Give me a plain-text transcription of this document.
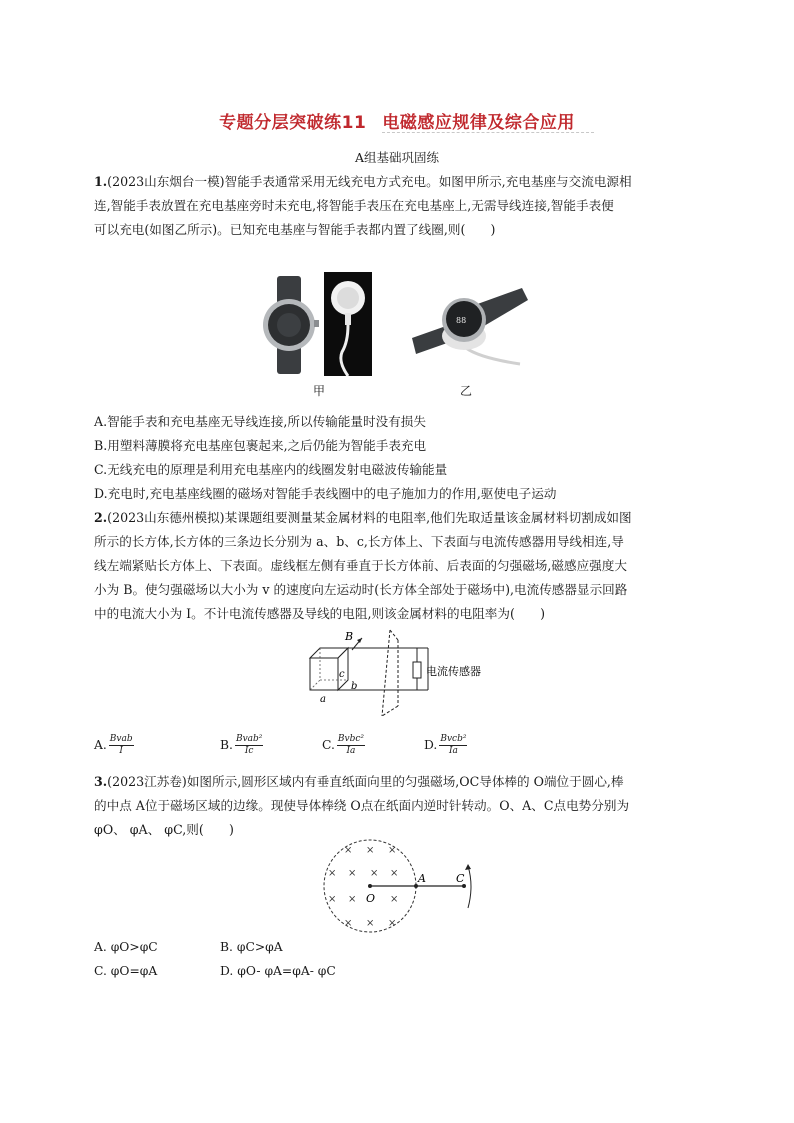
专题分层突破练11 电磁感应规律及综合应用
A组基础巩固练
1.(2023山东烟台一模)智能手表通常采用无线充电方式充电。如图甲所示,充电基座与交流电源相
连,智能手表放置在充电基座旁时未充电,将智能手表压在充电基座上,无需导线连接,智能手表便
可以充电(如图乙所示)。已知充电基座与智能手表都内置了线圈,则(　　)
88
甲	乙
A.智能手表和充电基座无导线连接,所以传输能量时没有损失
B.用塑料薄膜将充电基座包裹起来,之后仍能为智能手表充电
C.无线充电的原理是利用充电基座内的线圈发射电磁波传输能量
D.充电时,充电基座线圈的磁场对智能手表线圈中的电子施加力的作用,驱使电子运动
2.(2023山东德州模拟)某课题组要测量某金属材料的电阻率,他们先取适量该金属材料切割成如图
所示的长方体,长方体的三条边长分别为 a、b、c,长方体上、下表面与电流传感器用导线相连,导
线左端紧贴长方体上、下表面。虚线框左侧有垂直于长方体前、后表面的匀强磁场,磁感应强度大
小为 B。使匀强磁场以大小为 v 的速度向左运动时(长方体全部处于磁场中),电流传感器显示回路
中的电流大小为 I。不计电流传感器及导线的电阻,则该金属材料的电阻率为(　　)
B
c
b
a
电流传感器
A. $\frac{\text{Bvab}}{I}$	B. $\frac{\text{Bvab²}}{Ic}$	C. $\frac{\text{Bvbc²}}{Ia}$	D. $\frac{\text{Bvcb²}}{Ia}$
3.(2023江苏卷)如图所示,圆形区域内有垂直纸面向里的匀强磁场,OC导体棒的 O端位于圆心,棒
的中点 A位于磁场区域的边缘。现使导体棒绕 O点在纸面内逆时针转动。O、A、C点电势分别为
φO、 φA、 φC,则(　　)
× × ×
× × × ×
× ×	×
× × ×
O
A	C
A. φO>φC	B. φC>φA
C. φO=φA	D. φO- φA=φA- φC
